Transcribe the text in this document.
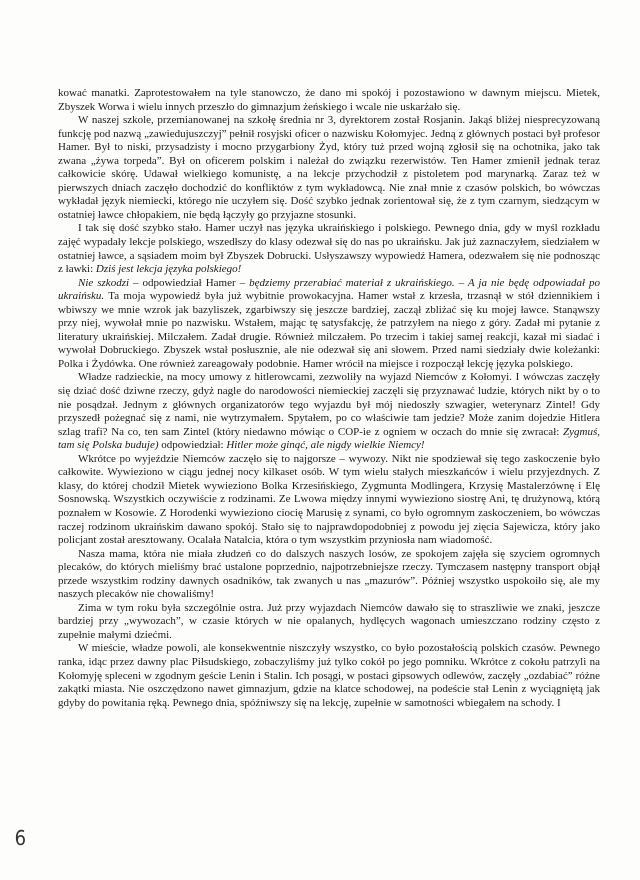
kować manatki. Zaprotestowałem na tyle stanowczo, że dano mi spokój i pozostawiono w dawnym miejscu. Mietek, Zbyszek Worwa i wielu innych przeszło do gimnazjum żeńskiego i wcale nie uskarżało się.

W naszej szkole, przemianowanej na szkołę średnia nr 3, dyrektorem został Rosjanin. Jakąś bliżej niesprecyzowaną funkcję pod nazwą „zawiedujuszczyj” pełnił rosyjski oficer o nazwisku Kołomyjec. Jedną z głównych postaci był profesor Hamer. Był to niski, przysadzisty i mocno przygarbiony Żyd, który tuż przed wojną zgłosił się na ochotnika, jako tak zwana „żywa torpeda”. Był on oficerem polskim i należał do związku rezerwistów. Ten Hamer zmienił jednak teraz całkowicie skórę. Udawał wielkiego komunistę, a na lekcje przychodził z pistoletem pod marynarką. Zaraz też w pierwszych dniach zaczęło dochodzić do konfliktów z tym wykładowcą. Nie znał mnie z czasów polskich, bo wówczas wykładał język niemiecki, którego nie uczyłem się. Dość szybko jednak zorientował się, że z tym czarnym, siedzącym w ostatniej ławce chłopakiem, nie będą łączyły go przyjazne stosunki.

I tak się dość szybko stało. Hamer uczył nas języka ukraińskiego i polskiego. Pewnego dnia, gdy w myśl rozkładu zajęć wypadały lekcje polskiego, wszedłszy do klasy odezwał się do nas po ukraińsku. Jak już zaznaczyłem, siedziałem w ostatniej ławce, a sąsiadem moim był Zbyszek Dobrucki. Usłyszawszy wypowiedź Hamera, odezwałem się nie podnosząc z ławki: Dziś jest lekcja języka polskiego!

Nie szkodzi – odpowiedział Hamer – będziemy przerabiać materiał z ukraińskiego. – A ja nie będę odpowiadał po ukraińsku. Ta moja wypowiedź była już wybitnie prowokacyjna. Hamer wstał z krzesła, trzasnął w stół dziennikiem i wbiwszy we mnie wzrok jak bazyliszek, zgarbiwszy się jeszcze bardziej, zaczął zbliżać się ku mojej ławce. Stanąwszy przy niej, wywołał mnie po nazwisku. Wstałem, mając tę satysfakcję, że patrzyłem na niego z góry. Zadał mi pytanie z literatury ukraińskiej. Milczałem. Zadał drugie. Również milczałem. Po trzecim i takiej samej reakcji, kazał mi siadać i wywołał Dobruckiego. Zbyszek wstał posłusznie, ale nie odezwał się ani słowem. Przed nami siedziały dwie koleżanki: Polka i Żydówka. One również zareagowały podobnie. Hamer wrócił na miejsce i rozpoczął lekcję języka polskiego.

Władze radzieckie, na mocy umowy z hitlerowcami, zezwoliły na wyjazd Niemców z Kołomyi. I wówczas zaczęły się dziać dość dziwne rzeczy, gdyż nagle do narodowości niemieckiej zaczęli się przyznawać ludzie, których nikt by o to nie posądzał. Jednym z głównych organizatorów tego wyjazdu był mój niedoszły szwagier, weterynarz Zintel! Gdy przyszedł pożegnać się z nami, nie wytrzymałem. Spytałem, po co właściwie tam jedzie? Może zanim dojedzie Hitlera szlag trafi? Na co, ten sam Zintel (który niedawno mówiąc o COP-ie z ogniem w oczach do mnie się zwracał: Zygmuś, tam się Polska buduje) odpowiedział: Hitler może ginąć, ale nigdy wielkie Niemcy!

Wkrótce po wyjeździe Niemców zaczęło się to najgorsze – wywozy. Nikt nie spodziewał się tego zaskoczenie było całkowite. Wywieziono w ciągu jednej nocy kilkaset osób. W tym wielu stałych mieszkańców i wielu przyjezdnych. Z klasy, do której chodził Mietek wywieziono Bolka Krzesińskiego, Zygmunta Modlingera, Krzysię Mastalerzównę i Elę Sosnowską. Wszystkich oczywiście z rodzinami. Ze Lwowa między innymi wywieziono siostrę Ani, tę drużynową, którą poznałem w Kosowie. Z Horodenki wywieziono ciocię Marusię z synami, co było ogromnym zaskoczeniem, bo wówczas raczej rodzinom ukraińskim dawano spokój. Stało się to najprawdopodobniej z powodu jej zięcia Sajewicza, który jako policjant został aresztowany. Ocalała Natalcia, która o tym wszystkim przyniosła nam wiadomość.

Nasza mama, która nie miała złudzeń co do dalszych naszych losów, ze spokojem zajęła się szyciem ogromnych plecaków, do których mieliśmy brać ustalone poprzednio, najpotrzebniejsze rzeczy. Tymczasem następny transport objął przede wszystkim rodziny dawnych osadników, tak zwanych u nas „mazurów”. Później wszystko uspokoiło się, ale my naszych plecaków nie chowaliśmy!

Zima w tym roku była szczególnie ostra. Już przy wyjazdach Niemców dawało się to straszliwie we znaki, jeszcze bardziej przy „wywozach”, w czasie których w nie opalanych, hydlęcych wagonach umieszczano rodziny często z zupełnie małymi dziećmi.

W mieście, władze powoli, ale konsekwentnie niszczyły wszystko, co było pozostałością polskich czasów. Pewnego ranka, idąc przez dawny plac Piłsudskiego, zobaczyliśmy już tylko cokół po jego pomniku. Wkrótce z cokołu patrzyli na Kołomyję spleceni w zgodnym geście Lenin i Stalin. Ich posągi, w postaci gipsowych odlewów, zaczęły „ozdabiać” różne zakątki miasta. Nie oszczędzono nawet gimnazjum, gdzie na klatce schodowej, na podeście stał Lenin z wyciągniętą jak gdyby do powitania ręką. Pewnego dnia, spóźniwszy się na lekcję, zupełnie w samotności wbiegałem na schody. I

6
